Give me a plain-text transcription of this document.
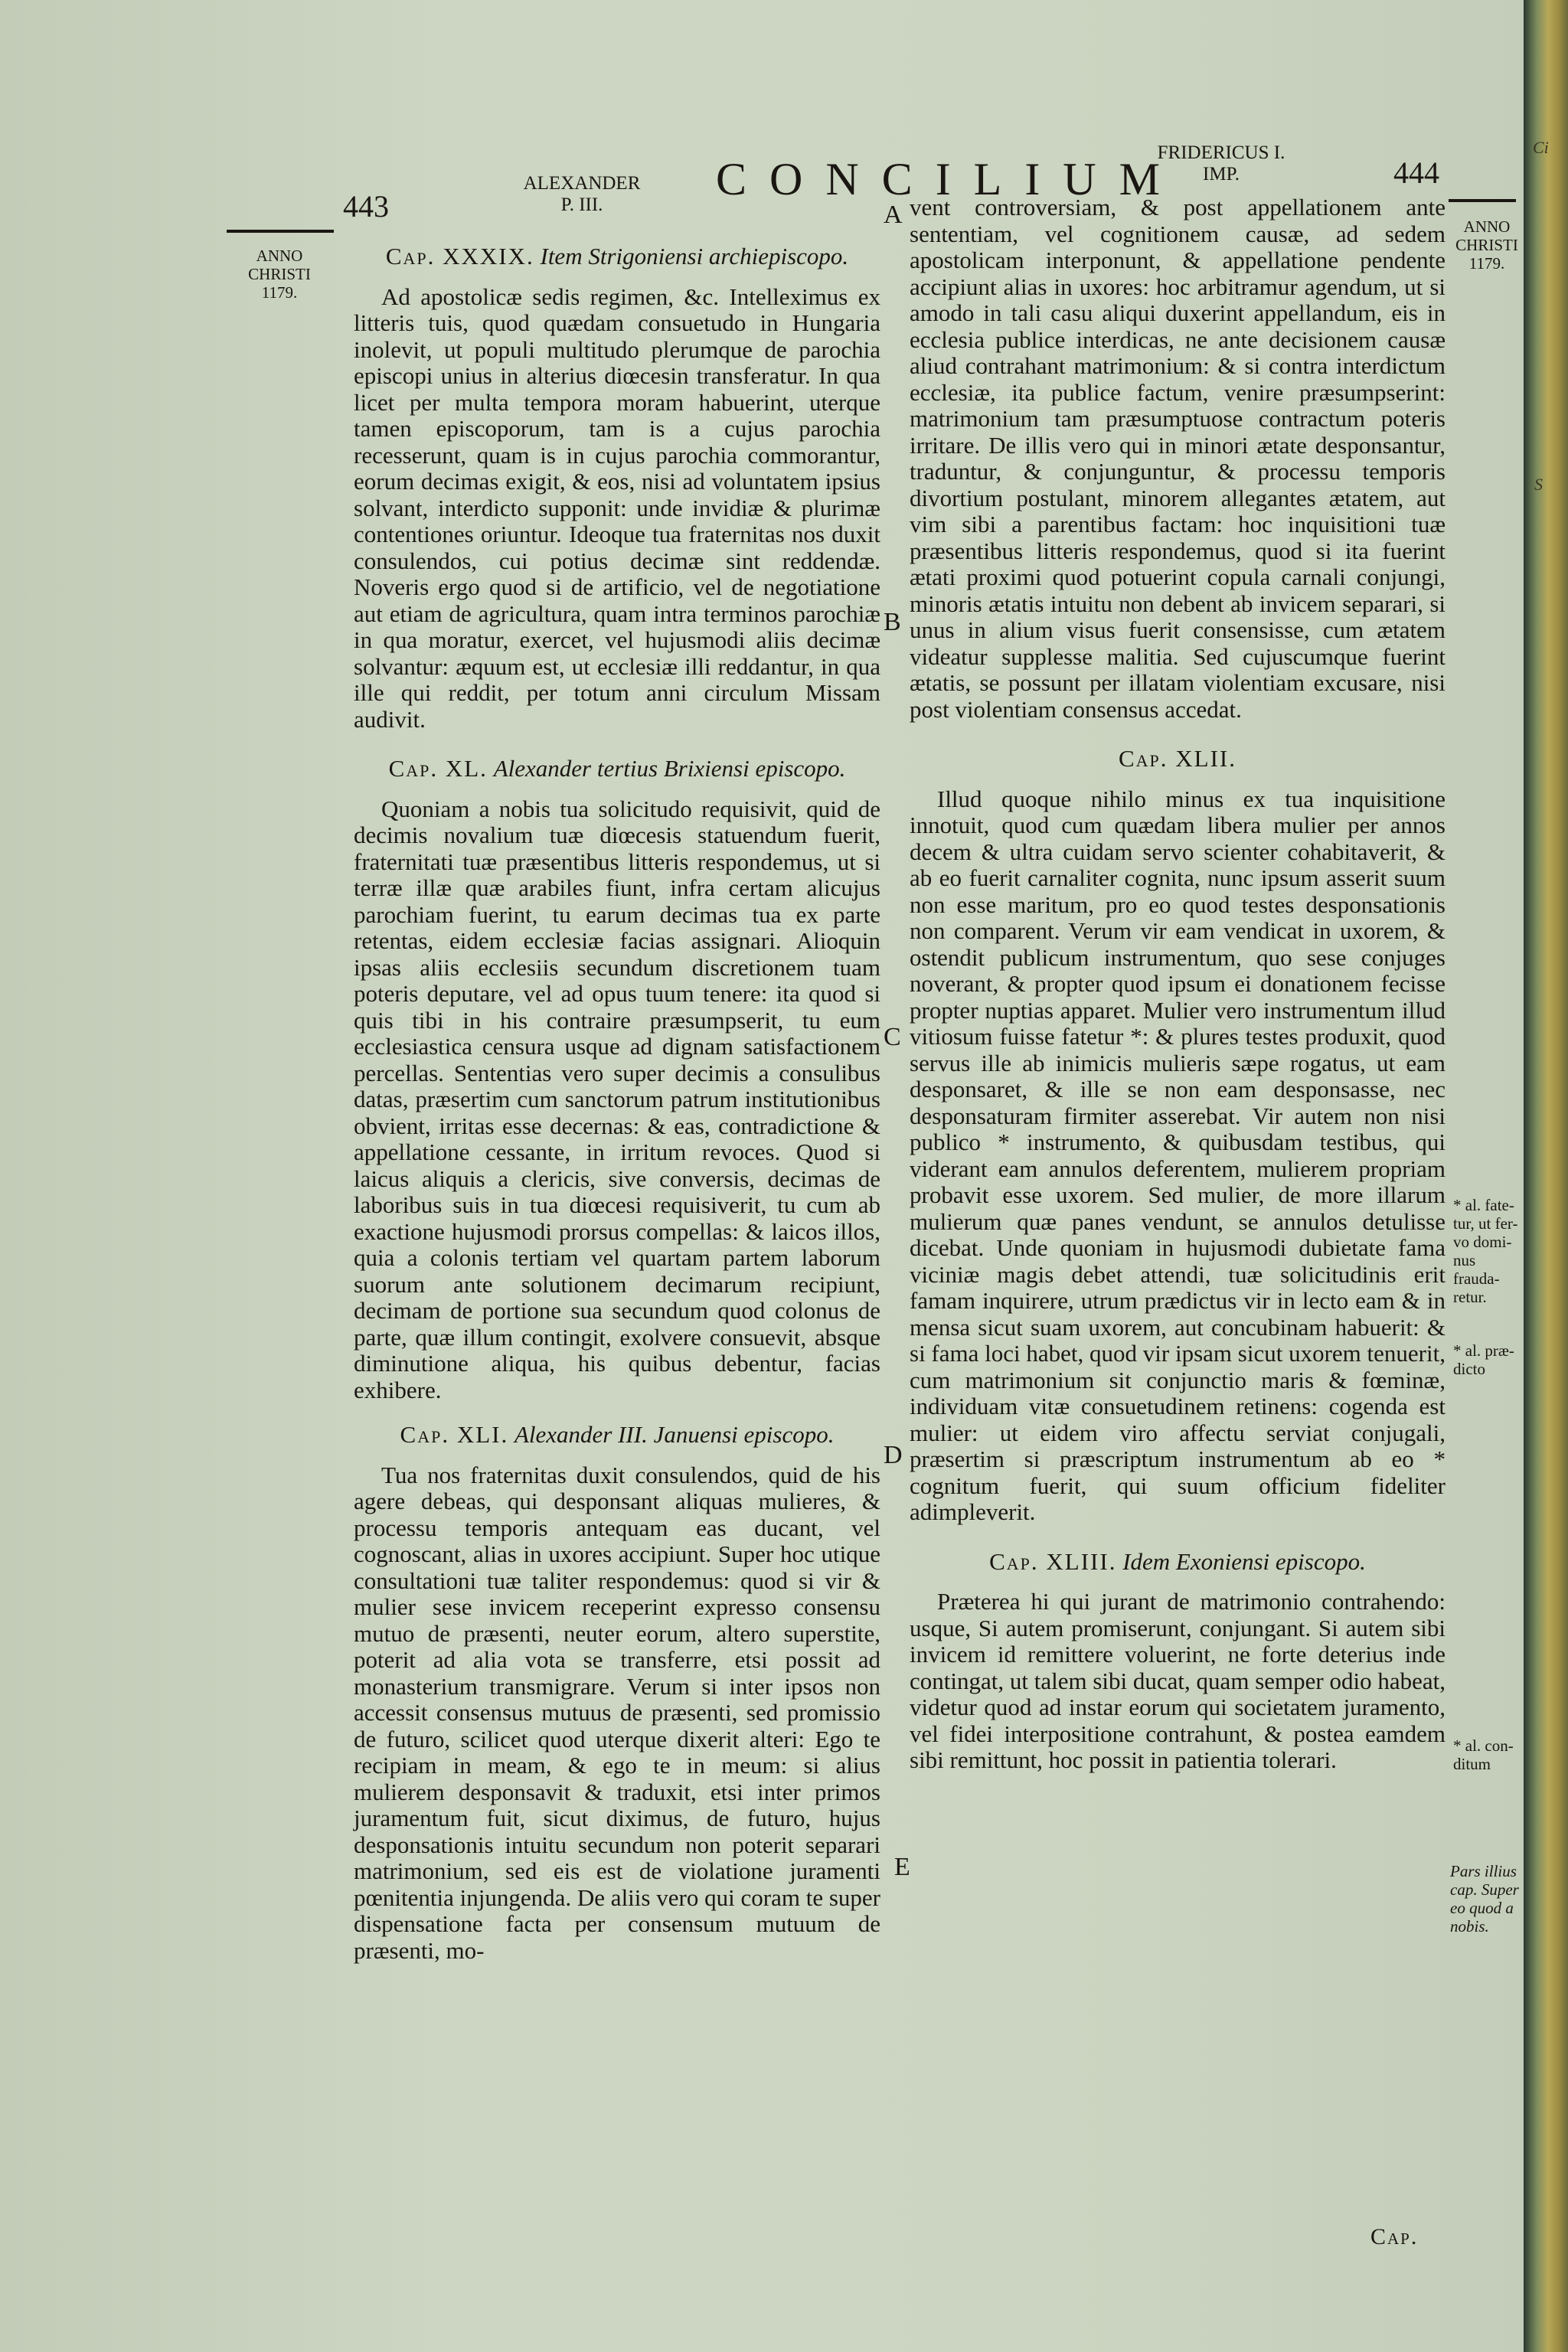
Ci
S
443
ALEXANDER
P. III.
CONCILIUM
FRIDERICUS I.
IMP.	444
ANNO
CHRISTI
1179.
ANNO
CHRISTI
1179.
* al. fate-
tur, ut fer-
vo domi-
nus frauda-
retur.
* al. præ-
dicto
* al. con-
ditum
Pars illius
cap. Super
eo quod a
nobis.
A
B
C
D
E
Cap. XXXIX. Item Strigoniensi archiepiscopo.

Ad apostolicæ sedis regimen, &c. Intelleximus ex litteris tuis, quod quædam consuetudo in Hungaria inolevit, ut populi multitudo plerumque de parochia episcopi unius in alterius diœcesin transferatur. In qua licet per multa tempora moram habuerint, uterque tamen episcoporum, tam is a cujus parochia recesserunt, quam is in cujus parochia commorantur, eorum decimas exigit, & eos, nisi ad voluntatem ipsius solvant, interdicto supponit: unde invidiæ & plurimæ contentiones oriuntur. Ideoque tua fraternitas nos duxit consulendos, cui potius decimæ sint reddendæ. Noveris ergo quod si de artificio, vel de negotiatione aut etiam de agricultura, quam intra terminos parochiæ in qua moratur, exercet, vel hujusmodi aliis decimæ solvantur: æquum est, ut ecclesiæ illi reddantur, in qua ille qui reddit, per totum anni circulum Missam audivit.

Cap. XL. Alexander tertius Brixiensi episcopo.

Quoniam a nobis tua solicitudo requisivit, quid de decimis novalium tuæ diœcesis statuendum fuerit, fraternitati tuæ præsentibus litteris respondemus, ut si terræ illæ quæ arabiles fiunt, infra certam alicujus parochiam fuerint, tu earum decimas tua ex parte retentas, eidem ecclesiæ facias assignari. Alioquin ipsas aliis ecclesiis secundum discretionem tuam poteris deputare, vel ad opus tuum tenere: ita quod si quis tibi in his contraire præsumpserit, tu eum ecclesiastica censura usque ad dignam satisfactionem percellas. Sententias vero super decimis a consulibus datas, præsertim cum sanctorum patrum institutionibus obvient, irritas esse decernas: & eas, contradictione & appellatione cessante, in irritum revoces. Quod si laicus aliquis a clericis, sive conversis, decimas de laboribus suis in tua diœcesi requisiverit, tu cum ab exactione hujusmodi prorsus compellas: & laicos illos, quia a colonis tertiam vel quartam partem laborum suorum ante solutionem decimarum recipiunt, decimam de portione sua secundum quod colonus de parte, quæ illum contingit, exolvere consuevit, absque diminutione aliqua, his quibus debentur, facias exhibere.

Cap. XLI. Alexander III. Januensi episcopo.

Tua nos fraternitas duxit consulendos, quid de his agere debeas, qui desponsant aliquas mulieres, & processu temporis antequam eas ducant, vel cognoscant, alias in uxores accipiunt. Super hoc utique consultationi tuæ taliter respondemus: quod si vir & mulier sese invicem receperint expresso consensu mutuo de præsenti, neuter eorum, altero superstite, poterit ad alia vota se transferre, etsi possit ad monasterium transmigrare. Verum si inter ipsos non accessit consensus mutuus de præsenti, sed promissio de futuro, scilicet quod uterque dixerit alteri: Ego te recipiam in meam, & ego te in meum: si alius mulierem desponsavit & traduxit, etsi inter primos juramentum fuit, sicut diximus, de futuro, hujus desponsationis intuitu secundum non poterit separari matrimonium, sed eis est de violatione juramenti pœnitentia injungenda. De aliis vero qui coram te super dispensatione facta per consensum mutuum de præsenti, mo-

vent controversiam, & post appellationem ante sententiam, vel cognitionem causæ, ad sedem apostolicam interponunt, & appellatione pendente accipiunt alias in uxores: hoc arbitramur agendum, ut si amodo in tali casu aliqui duxerint appellandum, eis in ecclesia publice interdicas, ne ante decisionem causæ aliud contrahant matrimonium: & si contra interdictum ecclesiæ, ita publice factum, venire præsumpserint: matrimonium tam præsumptuose contractum poteris irritare. De illis vero qui in minori ætate desponsantur, traduntur, & conjunguntur, & processu temporis divortium postulant, minorem allegantes ætatem, aut vim sibi a parentibus factam: hoc inquisitioni tuæ præsentibus litteris respondemus, quod si ita fuerint ætati proximi quod potuerint copula carnali conjungi, minoris ætatis intuitu non debent ab invicem separari, si unus in alium visus fuerit consensisse, cum ætatem videatur supplesse malitia. Sed cujuscumque fuerint ætatis, se possunt per illatam violentiam excusare, nisi post violentiam consensus accedat.

Cap. XLII.

Illud quoque nihilo minus ex tua inquisitione innotuit, quod cum quædam libera mulier per annos decem & ultra cuidam servo scienter cohabitaverit, & ab eo fuerit carnaliter cognita, nunc ipsum asserit suum non esse maritum, pro eo quod testes desponsationis non comparent. Verum vir eam vendicat in uxorem, & ostendit publicum instrumentum, quo sese conjuges noverant, & propter quod ipsum ei donationem fecisse propter nuptias apparet. Mulier vero instrumentum illud vitiosum fuisse fatetur *: & plures testes produxit, quod servus ille ab inimicis mulieris sæpe rogatus, ut eam desponsaret, & ille se non eam desponsasse, nec desponsaturam firmiter asserebat. Vir autem non nisi publico * instrumento, & quibusdam testibus, qui viderant eam annulos deferentem, mulierem propriam probavit esse uxorem. Sed mulier, de more illarum mulierum quæ panes vendunt, se annulos detulisse dicebat. Unde quoniam in hujusmodi dubietate fama viciniæ magis debet attendi, tuæ solicitudinis erit famam inquirere, utrum prædictus vir in lecto eam & in mensa sicut suam uxorem, aut concubinam habuerit: & si fama loci habet, quod vir ipsam sicut uxorem tenuerit, cum matrimonium sit conjunctio maris & fœminæ, individuam vitæ consuetudinem retinens: cogenda est mulier: ut eidem viro affectu serviat conjugali, præsertim si præscriptum instrumentum ab eo * cognitum fuerit, qui suum officium fideliter adimpleverit.

Cap. XLIII. Idem Exoniensi episcopo.

Præterea hi qui jurant de matrimonio contrahendo: usque, Si autem promiserunt, conjungant. Si autem sibi invicem id remittere voluerint, ne forte deterius inde contingat, ut talem sibi ducat, quam semper odio habeat, videtur quod ad instar eorum qui societatem juramento, vel fidei interpositione contrahunt, & postea eamdem sibi remittunt, hoc possit in patientia tolerari.

Cap.
